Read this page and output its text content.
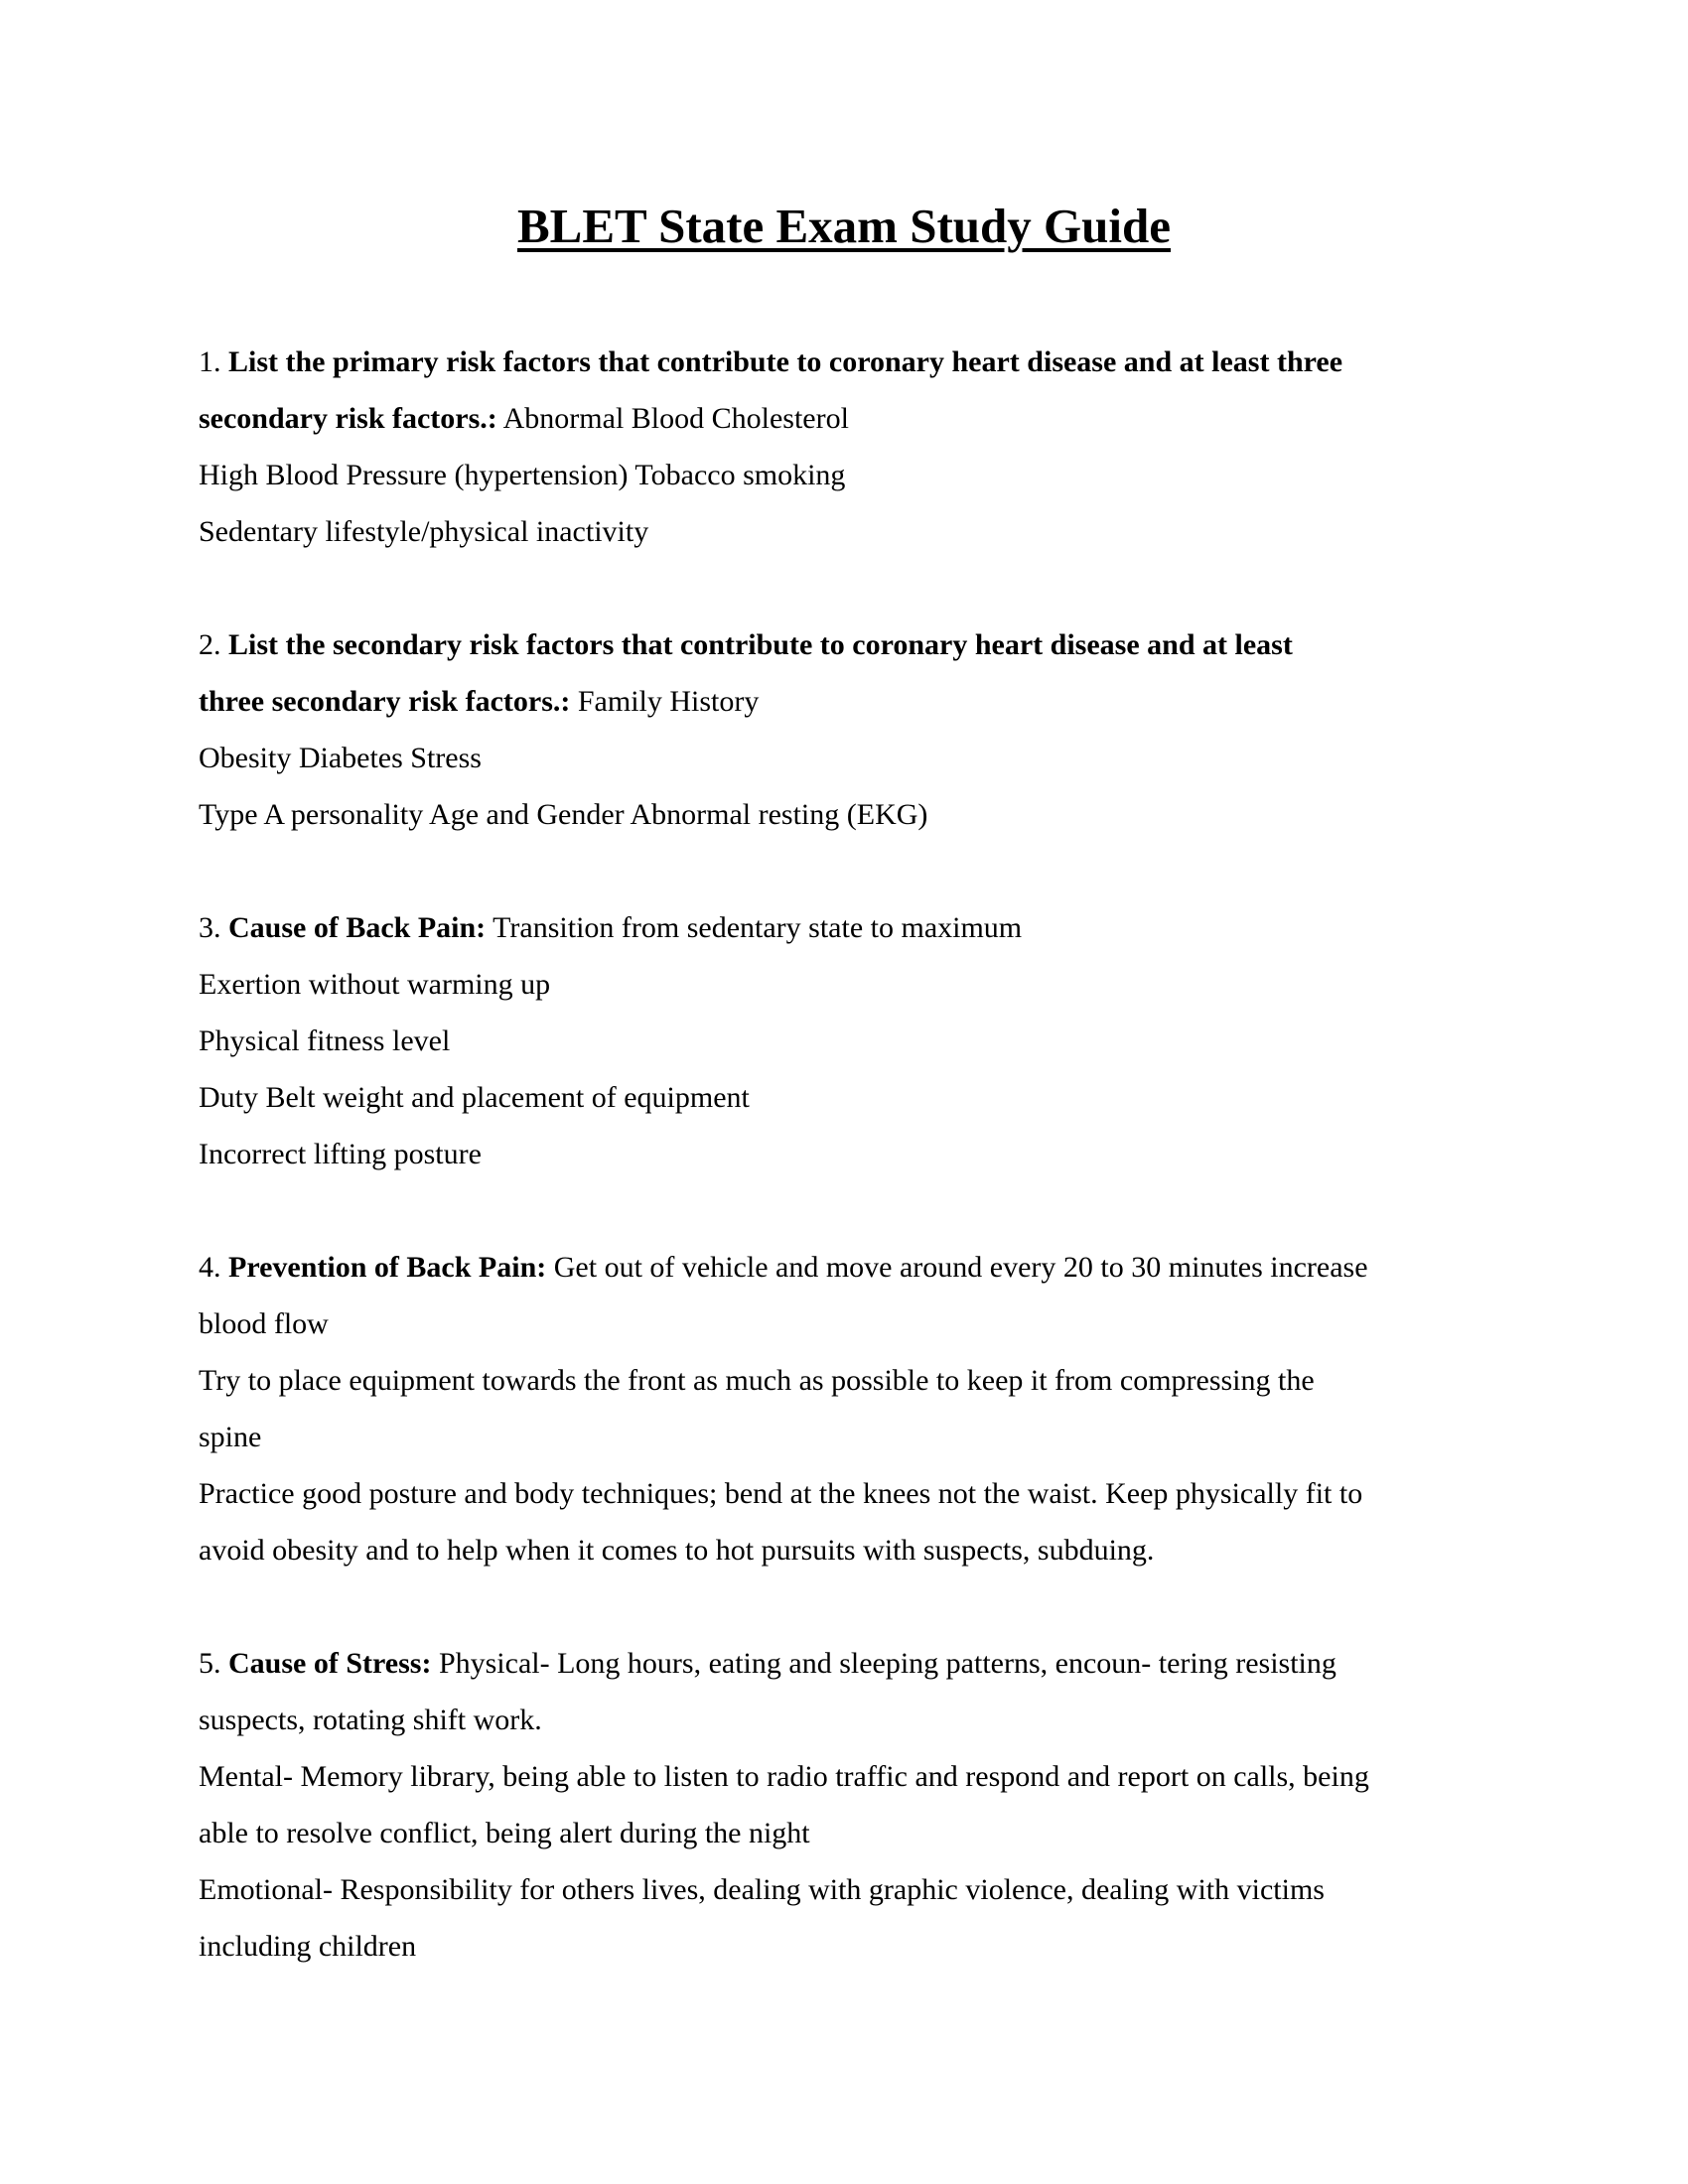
BLET State Exam Study Guide
1. List the primary risk factors that contribute to coronary heart disease and at least three
secondary risk factors.: Abnormal Blood Cholesterol
High Blood Pressure (hypertension) Tobacco smoking
Sedentary lifestyle/physical inactivity
2. List the secondary risk factors that contribute to coronary heart disease and at least
three secondary risk factors.: Family History
Obesity Diabetes Stress
Type A personality Age and Gender Abnormal resting (EKG)
3. Cause of Back Pain: Transition from sedentary state to maximum
Exertion without warming up
Physical fitness level
Duty Belt weight and placement of equipment
Incorrect lifting posture
4. Prevention of Back Pain: Get out of vehicle and move around every 20 to 30 minutes increase
blood flow
Try to place equipment towards the front as much as possible to keep it from compressing the
spine
Practice good posture and body techniques; bend at the knees not the waist. Keep physically fit to
avoid obesity and to help when it comes to hot pursuits with suspects, subduing.
5. Cause of Stress: Physical- Long hours, eating and sleeping patterns, encoun- tering resisting
suspects, rotating shift work.
Mental- Memory library, being able to listen to radio traffic and respond and report on calls, being
able to resolve conflict, being alert during the night
Emotional- Responsibility for others lives, dealing with graphic violence, dealing with victims
including children
